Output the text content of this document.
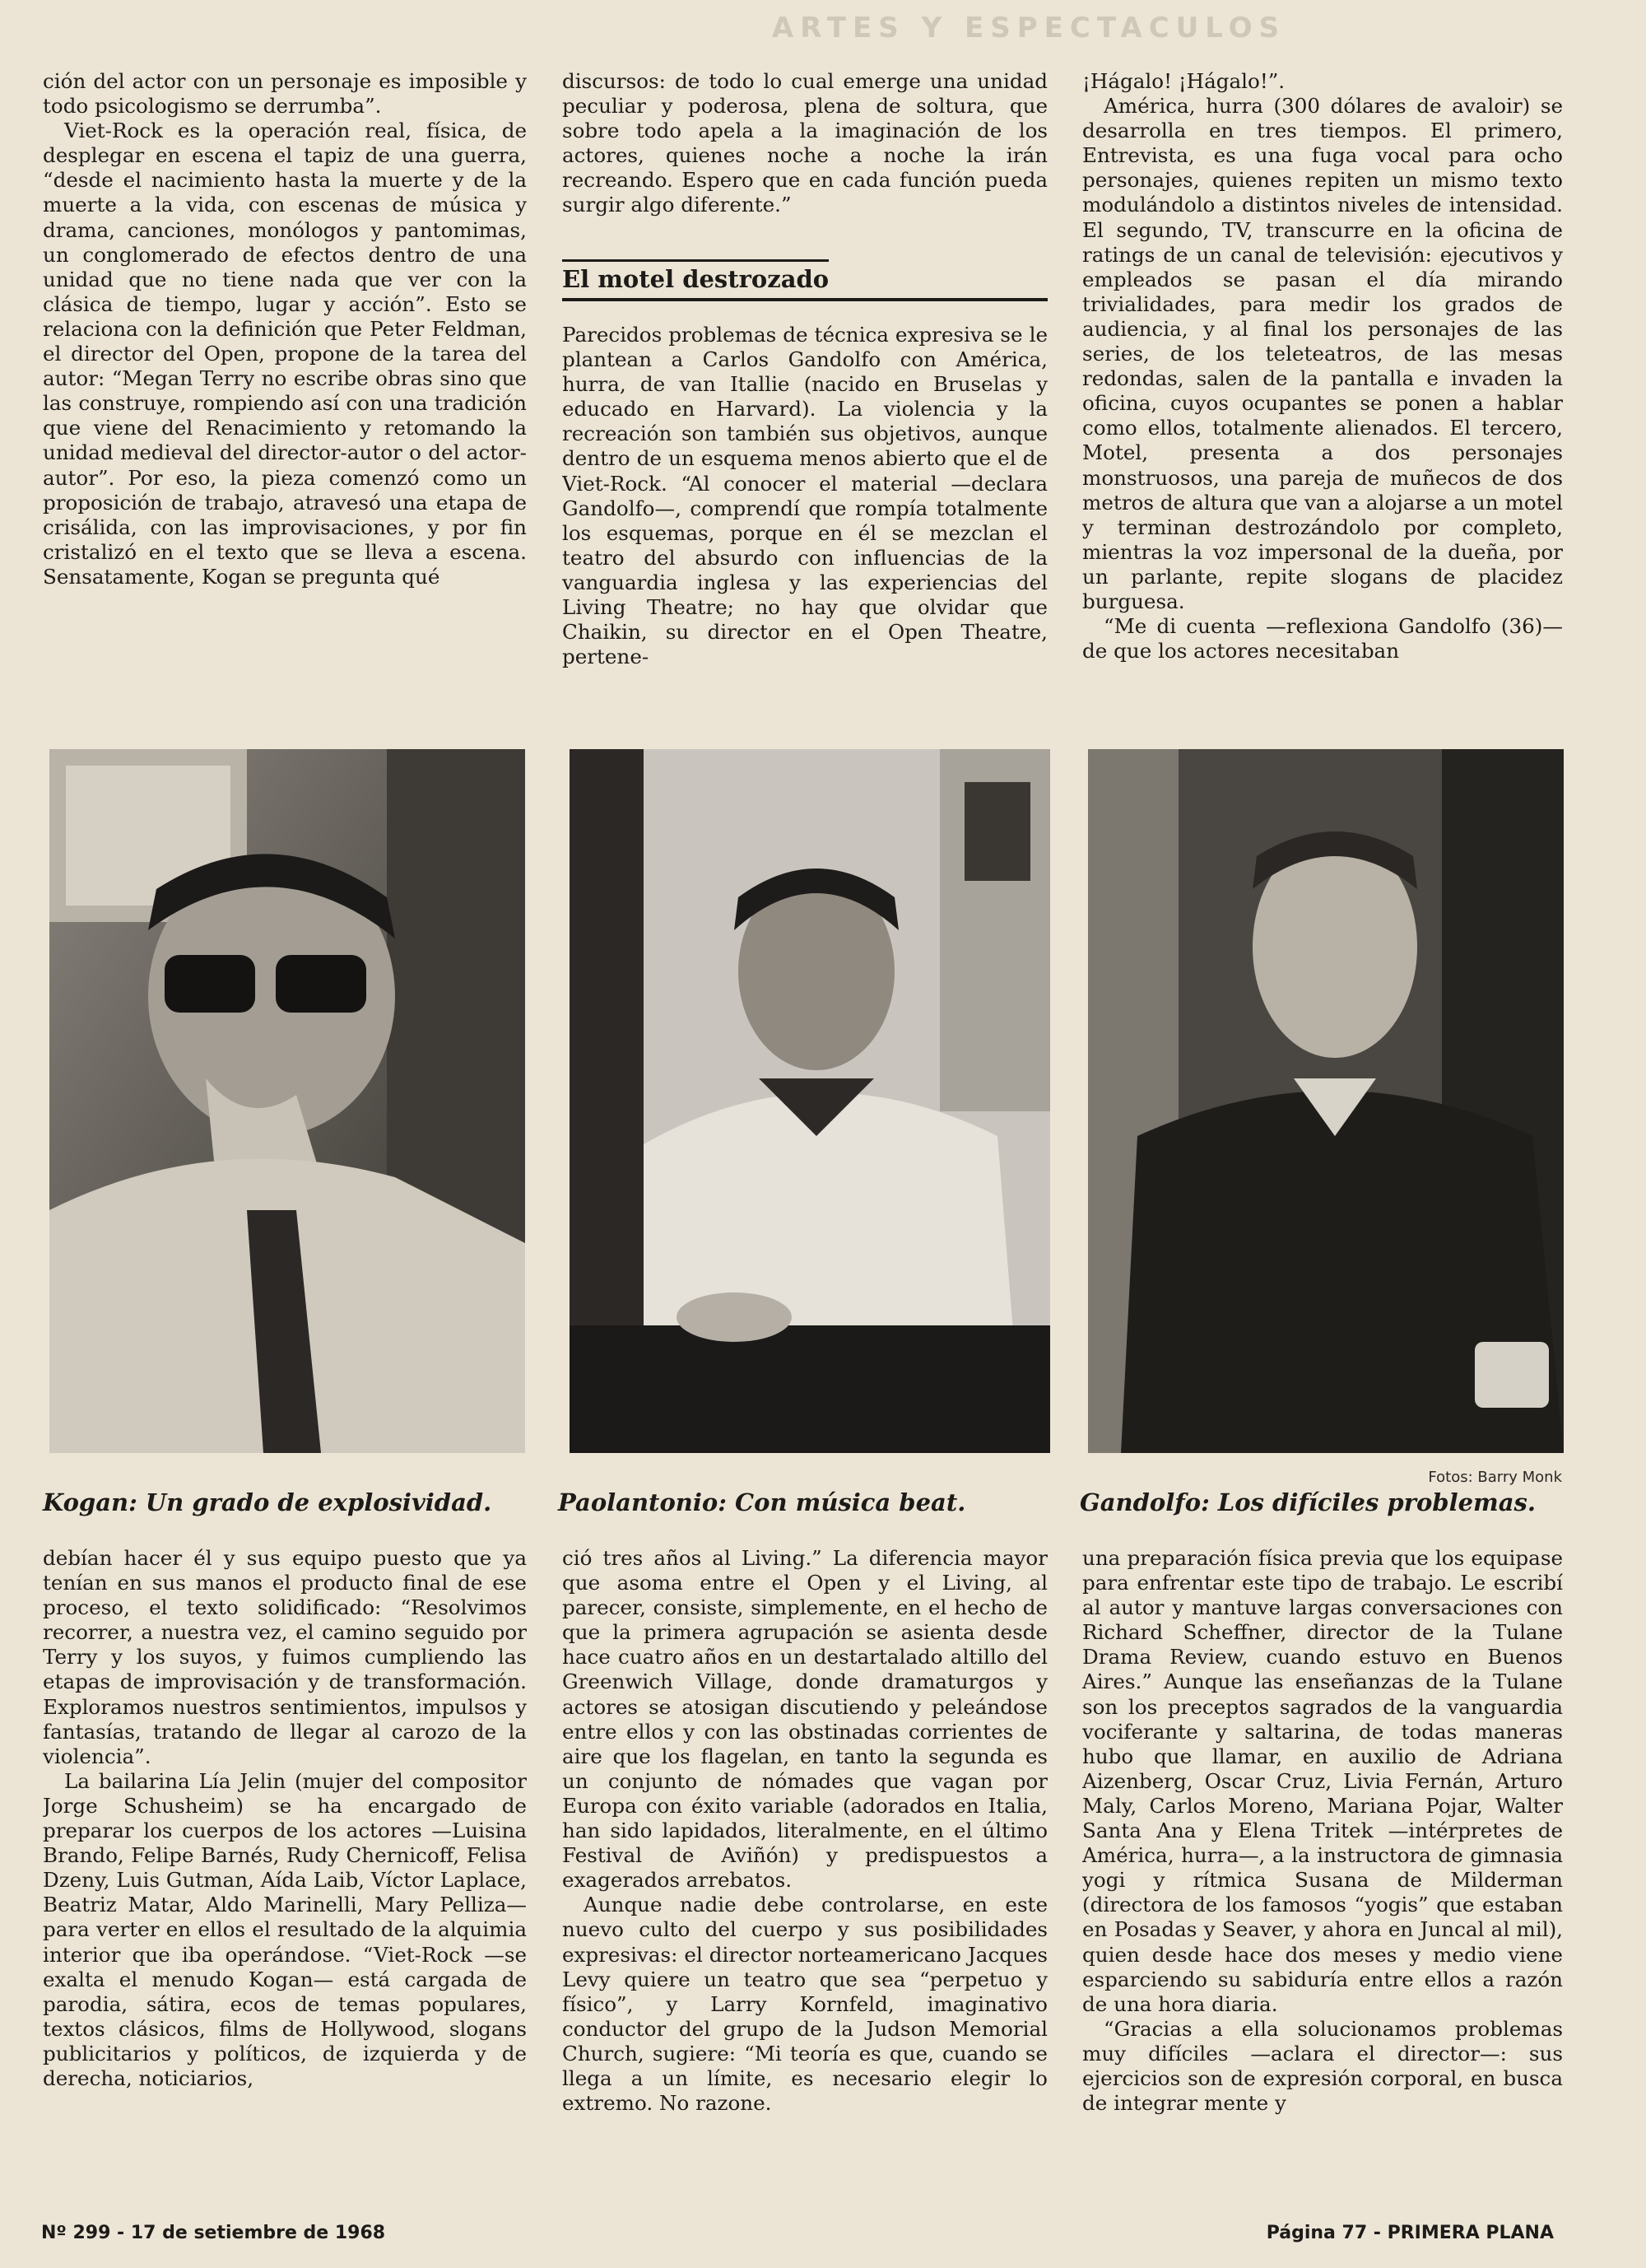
ARTES Y ESPECTACULOS

ción del actor con un personaje es imposible y todo psicologismo se derrumba”.

Viet-Rock es la operación real, física, de desplegar en escena el tapiz de una guerra, “desde el nacimiento hasta la muerte y de la muerte a la vida, con escenas de música y drama, canciones, monólogos y pantomimas, un conglomerado de efectos dentro de una unidad que no tiene nada que ver con la clásica de tiempo, lugar y acción”. Esto se relaciona con la definición que Peter Feldman, el director del Open, propone de la tarea del autor: “Megan Terry no escribe obras sino que las construye, rompiendo así con una tradición que viene del Renacimiento y retomando la unidad medieval del director-autor o del actor-autor”. Por eso, la pieza comenzó como un proposición de trabajo, atravesó una etapa de crisálida, con las improvisaciones, y por fin cristalizó en el texto que se lleva a escena. Sensatamente, Kogan se pregunta qué

discursos: de todo lo cual emerge una unidad peculiar y poderosa, plena de soltura, que sobre todo apela a la imaginación de los actores, quienes noche a noche la irán recreando. Espero que en cada función pueda surgir algo diferente.”

El motel destrozado

Parecidos problemas de técnica expresiva se le plantean a Carlos Gandolfo con América, hurra, de van Itallie (nacido en Bruselas y educado en Harvard). La violencia y la recreación son también sus objetivos, aunque dentro de un esquema menos abierto que el de Viet-Rock. “Al conocer el material —declara Gandolfo—, comprendí que rompía totalmente los esquemas, porque en él se mezclan el teatro del absurdo con influencias de la vanguardia inglesa y las experiencias del Living Theatre; no hay que olvidar que Chaikin, su director en el Open Theatre, pertene-

¡Hágalo! ¡Hágalo!”.

América, hurra (300 dólares de avaloir) se desarrolla en tres tiempos. El primero, Entrevista, es una fuga vocal para ocho personajes, quienes repiten un mismo texto modulándolo a distintos niveles de intensidad. El segundo, TV, transcurre en la oficina de ratings de un canal de televisión: ejecutivos y empleados se pasan el día mirando trivialidades, para medir los grados de audiencia, y al final los personajes de las series, de los teleteatros, de las mesas redondas, salen de la pantalla e invaden la oficina, cuyos ocupantes se ponen a hablar como ellos, totalmente alienados. El tercero, Motel, presenta a dos personajes monstruosos, una pareja de muñecos de dos metros de altura que van a alojarse a un motel y terminan destrozándolo por completo, mientras la voz impersonal de la dueña, por un parlante, repite slogans de placidez burguesa.

“Me di cuenta —reflexiona Gandolfo (36)— de que los actores necesitaban

Fotos: Barry Monk
Kogan: Un grado de explosividad.	Paolantonio: Con música beat.	Gandolfo: Los difíciles problemas.

debían hacer él y sus equipo puesto que ya tenían en sus manos el producto final de ese proceso, el texto solidificado: “Resolvimos recorrer, a nuestra vez, el camino seguido por Terry y los suyos, y fuimos cumpliendo las etapas de improvisación y de transformación. Exploramos nuestros sentimientos, impulsos y fantasías, tratando de llegar al carozo de la violencia”.

La bailarina Lía Jelin (mujer del compositor Jorge Schusheim) se ha encargado de preparar los cuerpos de los actores —Luisina Brando, Felipe Barnés, Rudy Chernicoff, Felisa Dzeny, Luis Gutman, Aída Laib, Víctor Laplace, Beatriz Matar, Aldo Marinelli, Mary Pelliza— para verter en ellos el resultado de la alquimia interior que iba operándose. “Viet-Rock —se exalta el menudo Kogan— está cargada de parodia, sátira, ecos de temas populares, textos clásicos, films de Hollywood, slogans publicitarios y políticos, de izquierda y de derecha, noticiarios,

ció tres años al Living.” La diferencia mayor que asoma entre el Open y el Living, al parecer, consiste, simplemente, en el hecho de que la primera agrupación se asienta desde hace cuatro años en un destartalado altillo del Greenwich Village, donde dramaturgos y actores se atosigan discutiendo y peleándose entre ellos y con las obstinadas corrientes de aire que los flagelan, en tanto la segunda es un conjunto de nómades que vagan por Europa con éxito variable (adorados en Italia, han sido lapidados, literalmente, en el último Festival de Aviñón) y predispuestos a exagerados arrebatos.

Aunque nadie debe controlarse, en este nuevo culto del cuerpo y sus posibilidades expresivas: el director norteamericano Jacques Levy quiere un teatro que sea “perpetuo y físico”, y Larry Kornfeld, imaginativo conductor del grupo de la Judson Memorial Church, sugiere: “Mi teoría es que, cuando se llega a un límite, es necesario elegir lo extremo. No razone.

una preparación física previa que los equipase para enfrentar este tipo de trabajo. Le escribí al autor y mantuve largas conversaciones con Richard Scheffner, director de la Tulane Drama Review, cuando estuvo en Buenos Aires.” Aunque las enseñanzas de la Tulane son los preceptos sagrados de la vanguardia vociferante y saltarina, de todas maneras hubo que llamar, en auxilio de Adriana Aizenberg, Oscar Cruz, Livia Fernán, Arturo Maly, Carlos Moreno, Mariana Pojar, Walter Santa Ana y Elena Tritek —intérpretes de América, hurra—, a la instructora de gimnasia yogi y rítmica Susana de Milderman (directora de los famosos “yogis” que estaban en Posadas y Seaver, y ahora en Juncal al mil), quien desde hace dos meses y medio viene esparciendo su sabiduría entre ellos a razón de una hora diaria.

“Gracias a ella solucionamos problemas muy difíciles —aclara el director—: sus ejercicios son de expresión corporal, en busca de integrar mente y

Nº 299 - 17 de setiembre de 1968	Página 77 - PRIMERA PLANA
